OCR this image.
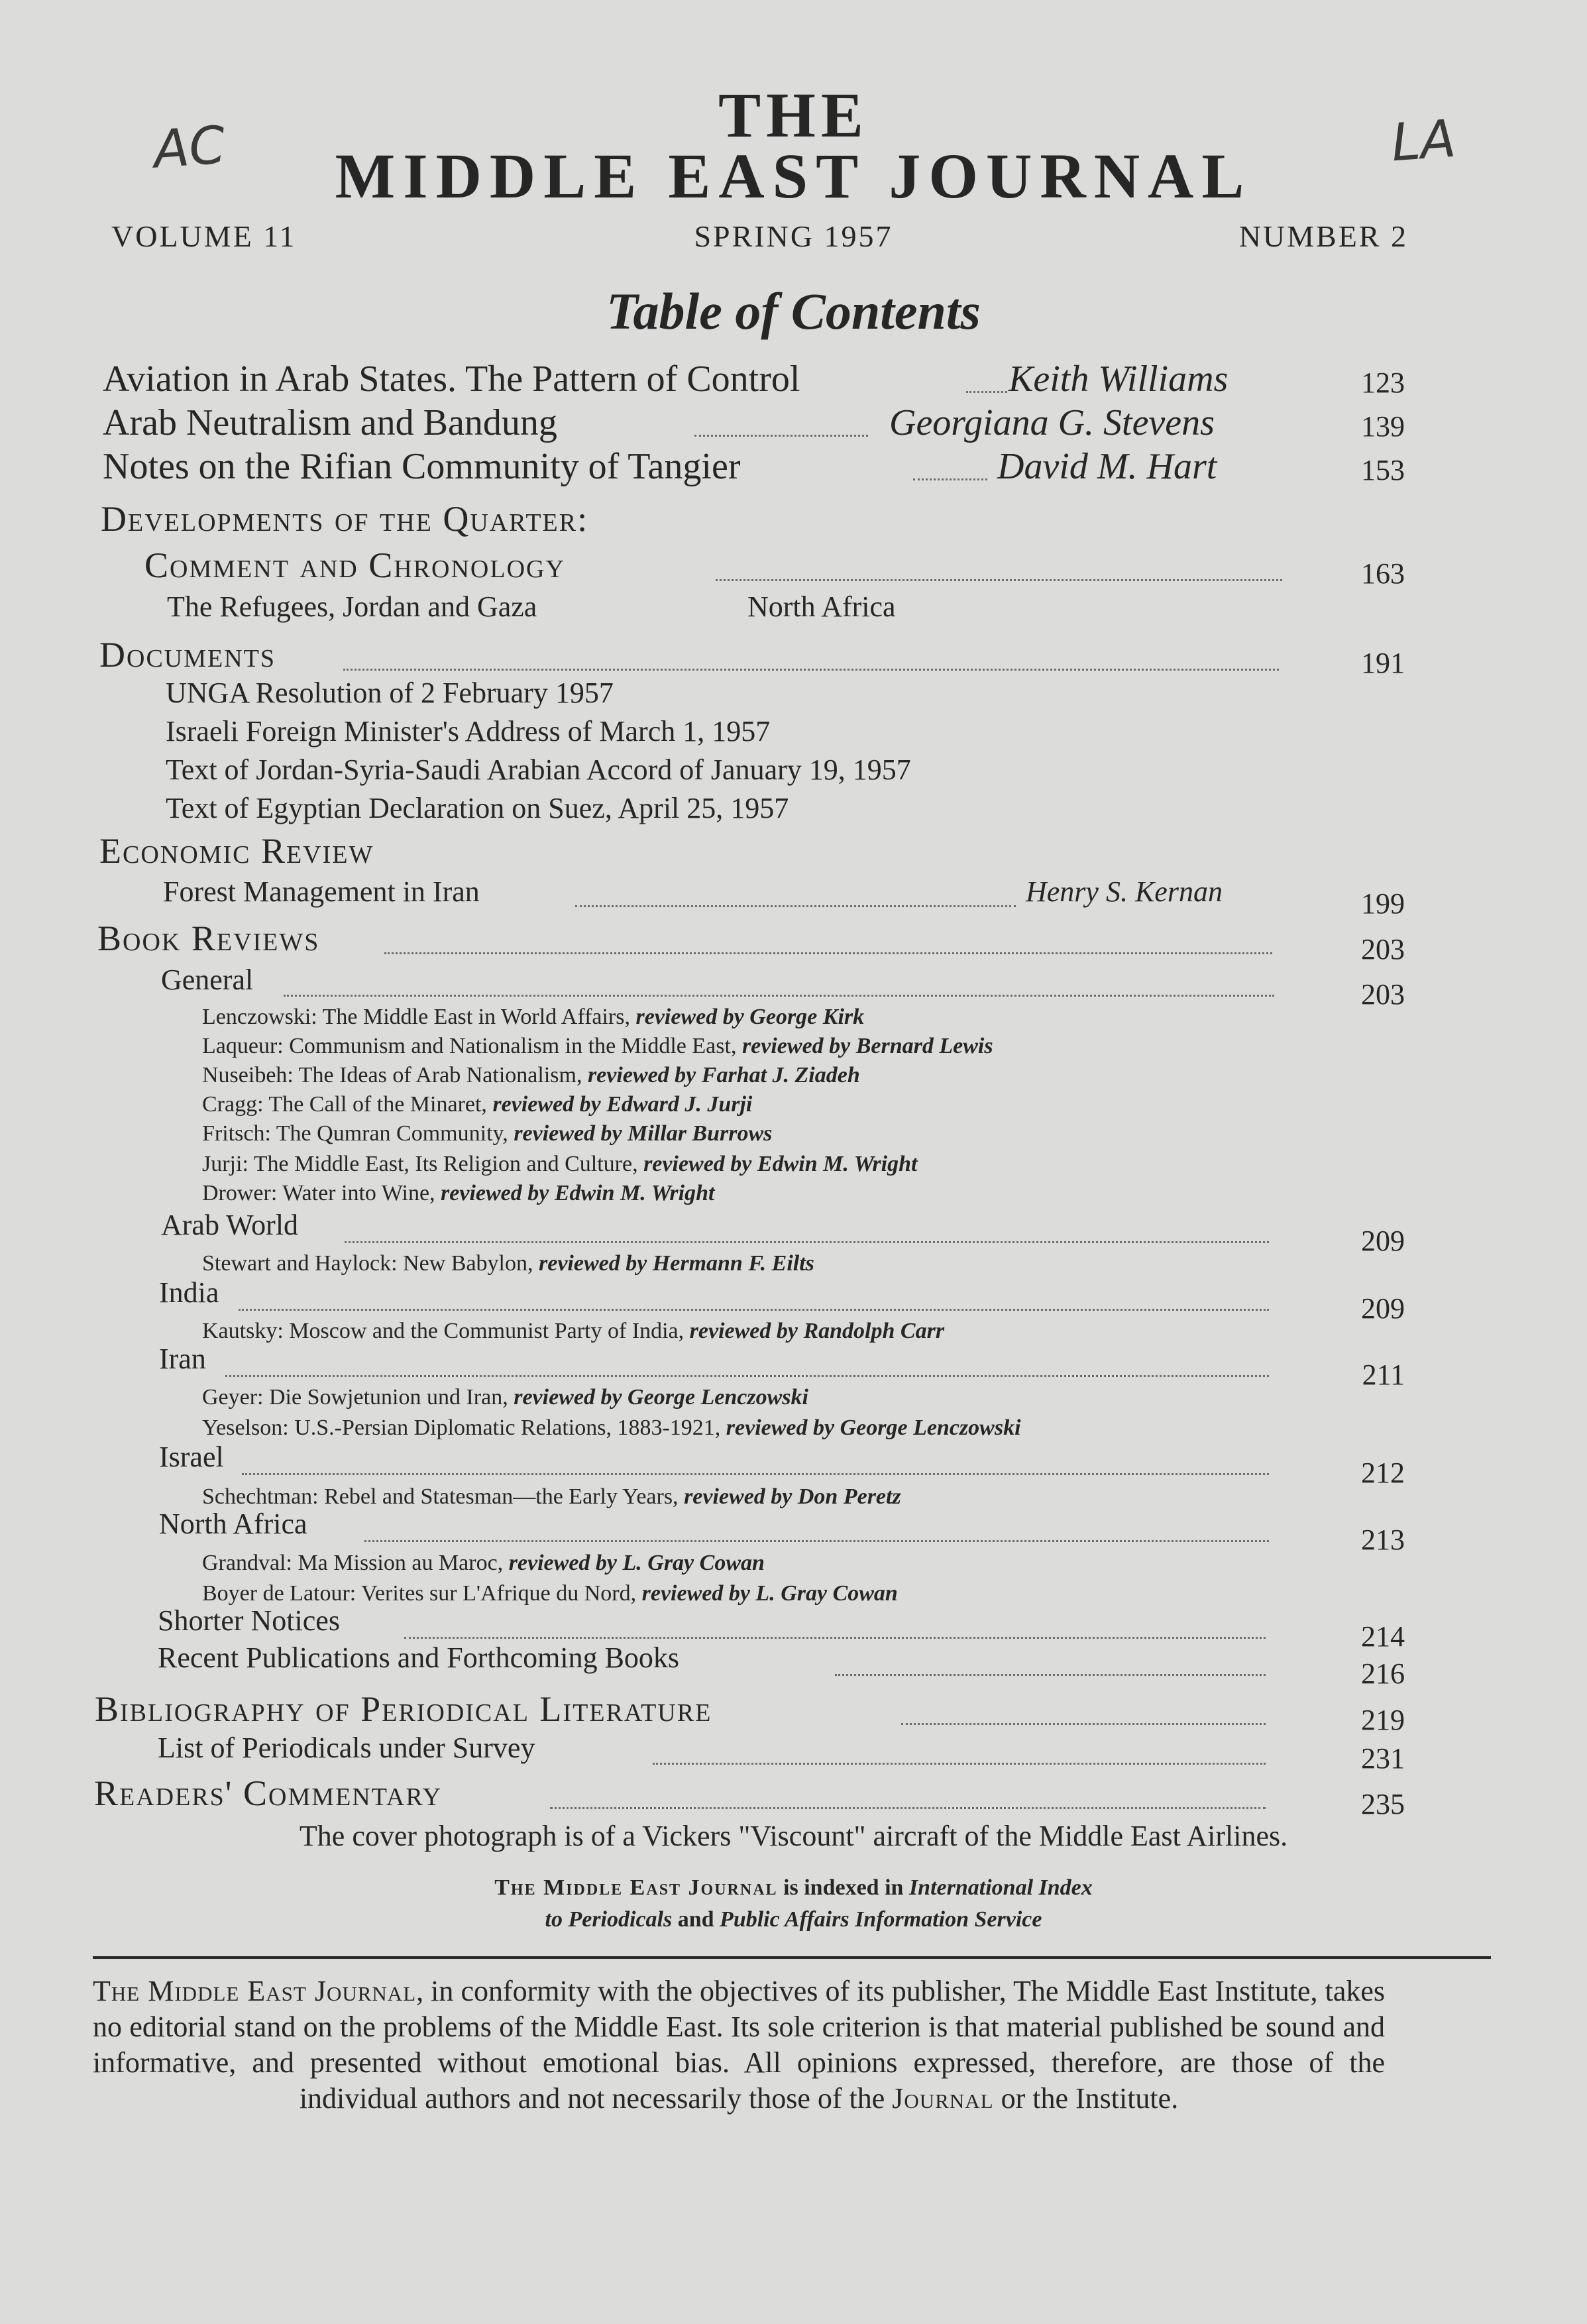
AC	LA
THE
MIDDLE EAST JOURNAL
VOLUME 11	SPRING 1957	NUMBER 2
Table of Contents
Aviation in Arab States. The Pattern of Control	Keith Williams	123
Arab Neutralism and Bandung	Georgiana G. Stevens	139
Notes on the Rifian Community of Tangier	David M. Hart	153
Developments of the Quarter:
Comment and Chronology	163
The Refugees, Jordan and Gaza	North Africa
Documents	191
UNGA Resolution of 2 February 1957
Israeli Foreign Minister's Address of March 1, 1957
Text of Jordan-Syria-Saudi Arabian Accord of January 19, 1957
Text of Egyptian Declaration on Suez, April 25, 1957
Economic Review
Forest Management in Iran	Henry S. Kernan	199
Book Reviews	203
General	203
Lenczowski: The Middle East in World Affairs, reviewed by George Kirk
Laqueur: Communism and Nationalism in the Middle East, reviewed by Bernard Lewis
Nuseibeh: The Ideas of Arab Nationalism, reviewed by Farhat J. Ziadeh
Cragg: The Call of the Minaret, reviewed by Edward J. Jurji
Fritsch: The Qumran Community, reviewed by Millar Burrows
Jurji: The Middle East, Its Religion and Culture, reviewed by Edwin M. Wright
Drower: Water into Wine, reviewed by Edwin M. Wright
Arab World	209
Stewart and Haylock: New Babylon, reviewed by Hermann F. Eilts
India	209
Kautsky: Moscow and the Communist Party of India, reviewed by Randolph Carr
Iran	211
Geyer: Die Sowjetunion und Iran, reviewed by George Lenczowski
Yeselson: U.S.-Persian Diplomatic Relations, 1883-1921, reviewed by George Lenczowski
Israel	212
Schechtman: Rebel and Statesman—the Early Years, reviewed by Don Peretz
North Africa	213
Grandval: Ma Mission au Maroc, reviewed by L. Gray Cowan
Boyer de Latour: Verites sur L'Afrique du Nord, reviewed by L. Gray Cowan
Shorter Notices	214
Recent Publications and Forthcoming Books	216
Bibliography of Periodical Literature	219
List of Periodicals under Survey	231
Readers' Commentary	235
The cover photograph is of a Vickers "Viscount" aircraft of the Middle East Airlines.
The Middle East Journal is indexed in International Index
to Periodicals and Public Affairs Information Service
The Middle East Journal, in conformity with the objectives of its publisher, The Middle East Institute, takes no editorial stand on the problems of the Middle East. Its sole criterion is that material published be sound and informative, and presented without emotional bias. All opinions expressed, therefore, are those of the individual authors and not necessarily those of the Journal or the Institute.
